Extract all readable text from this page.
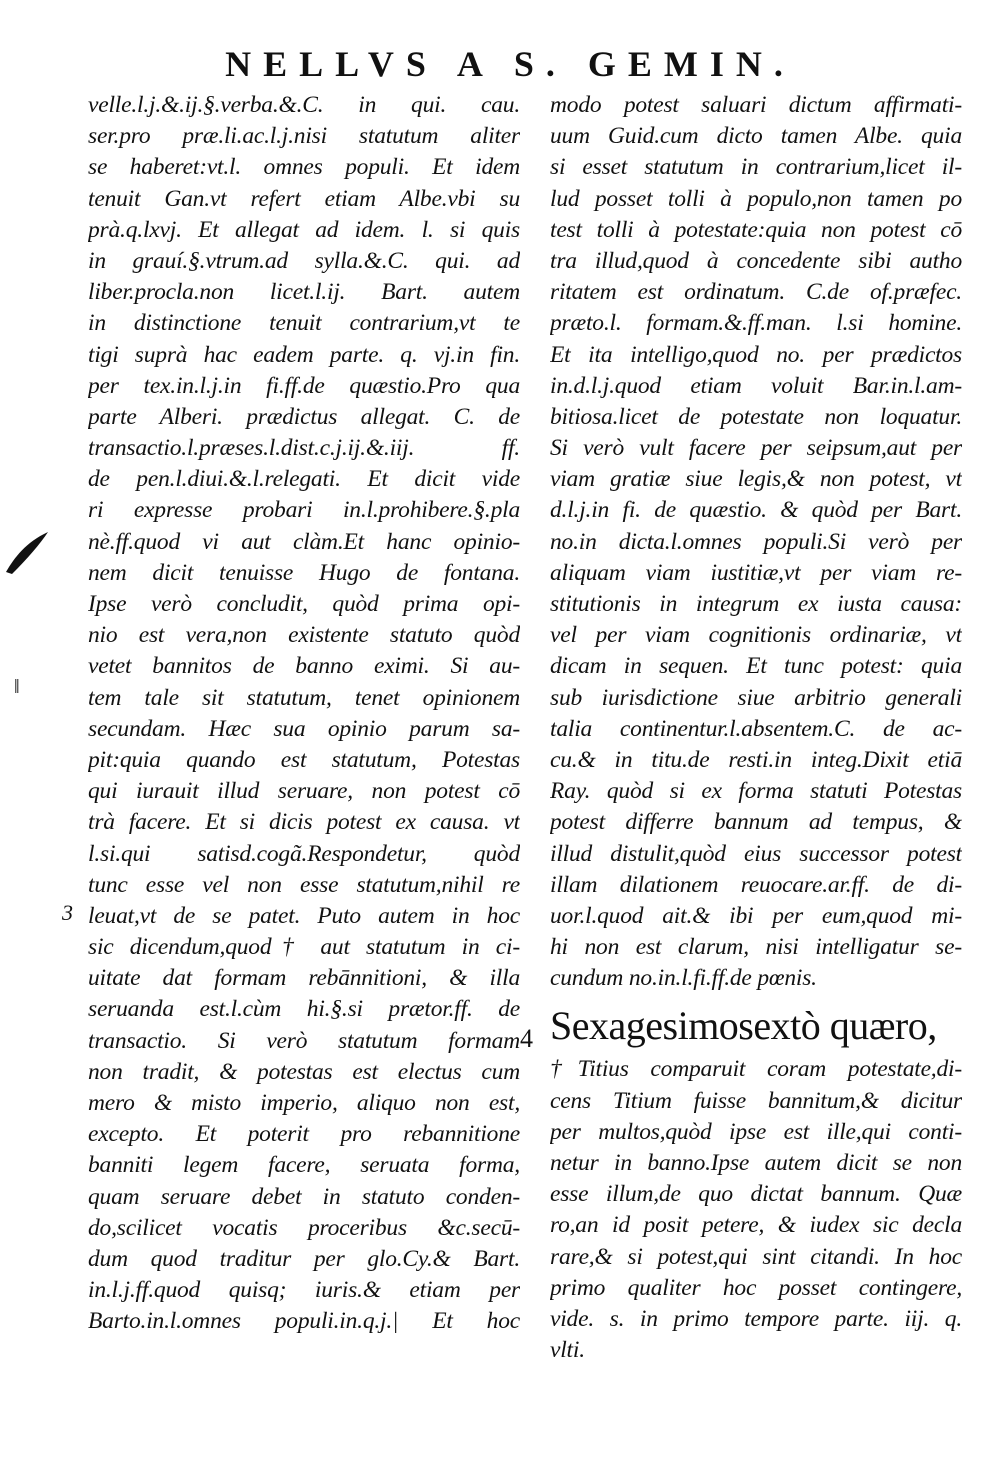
‖
NELLVS A S. GEMIN.
3
4
velle.l.j.&.ij.§.verba.&.C. in qui. cau.
ser.pro præ.li.ac.l.j.nisi statutum aliter
se haberet:vt.l. omnes populi. Et idem
tenuit Gan.vt refert etiam Albe.vbi su
prà.q.lxvj. Et allegat ad idem. l. si quis
in grauí.§.vtrum.ad sylla.&.C. qui. ad
liber.procla.non licet.l.ij. Bart. autem
in distinctione tenuit contrarium,vt te
tigi suprà hac eadem parte. q. vj.in fin.
per tex.in.l.j.in fi.ff.de quæstio.Pro qua
parte Alberi. prædictus allegat. C. de
transactio.l.præses.l.dist.c.j.ij.&.iij. ff.
de pen.l.diui.&.l.relegati. Et dicit vide
ri expresse probari in.l.prohibere.§.pla
nè.ff.quod vi aut clàm.Et hanc opinio-
nem dicit tenuisse Hugo de fontana.
Ipse verò concludit, quòd prima opi-
nio est vera,non existente statuto quòd
vetet bannitos de banno eximi. Si au-
tem tale sit statutum, tenet opinionem
secundam. Hæc sua opinio parum sa-
pit:quia quando est statutum, Potestas
qui iurauit illud seruare, non potest cō
trà facere. Et si dicis potest ex causa. vt
l.si.qui satisd.cogã.Respondetur, quòd
tunc esse vel non esse statutum,nihil re
leuat,vt de se patet. Puto autem in hoc
sic dicendum,quod† aut statutum in ci-
uitate dat formam rebānnitioni, & illa
seruanda est.l.cùm hi.§.si prætor.ff. de
transactio. Si verò statutum formam
non tradit, & potestas est electus cum
mero & misto imperio, aliquo non est,
excepto. Et poterit pro rebannitione
banniti legem facere, seruata forma,
quam seruare debet in statuto conden-
do,scilicet vocatis proceribus &c.secū-
dum quod traditur per glo.Cy.& Bart.
in.l.j.ff.quod quisq; iuris.& etiam per
Barto.in.l.omnes populi.in.q.j.| Et hoc
modo potest saluari dictum affirmati-
uum Guid.cum dicto tamen Albe. quia
si esset statutum in contrarium,licet il-
lud posset tolli à populo,non tamen po
test tolli à potestate:quia non potest cō
tra illud,quod à concedente sibi autho
ritatem est ordinatum. C.de of.præfec.
præto.l. formam.&.ff.man. l.si homine.
Et ita intelligo,quod no. per prædictos
in.d.l.j.quod etiam voluit Bar.in.l.am-
bitiosa.licet de potestate non loquatur.
Si verò vult facere per seipsum,aut per
viam gratiæ siue legis,& non potest, vt
d.l.j.in fi. de quæstio. & quòd per Bart.
no.in dicta.l.omnes populi.Si verò per
aliquam viam iustitiæ,vt per viam re-
stitutionis in integrum ex iusta causa:
vel per viam cognitionis ordinariæ, vt
dicam in sequen. Et tunc potest: quia
sub iurisdictione siue arbitrio generali
talia continentur.l.absentem.C. de ac-
cu.& in titu.de resti.in integ.Dixit etiā
Ray. quòd si ex forma statuti Potestas
potest differre bannum ad tempus, &
illud distulit,quòd eius successor potest
illam dilationem reuocare.ar.ff. de di-
uor.l.quod ait.& ibi per eum,quod mi-
hi non est clarum, nisi intelligatur se-
cundum no.in.l.fi.ff.de pœnis.
Sexagesimosextò quæro,
†Titius comparuit coram potestate,di-
cens Titium fuisse bannitum,& dicitur
per multos,quòd ipse est ille,qui conti-
netur in banno.Ipse autem dicit se non
esse illum,de quo dictat bannum. Quæ
ro,an id posit petere, & iudex sic decla
rare,& si potest,qui sint citandi. In hoc
primo qualiter hoc posset contingere,
vide. s. in primo tempore parte. iij. q.
vlti.
